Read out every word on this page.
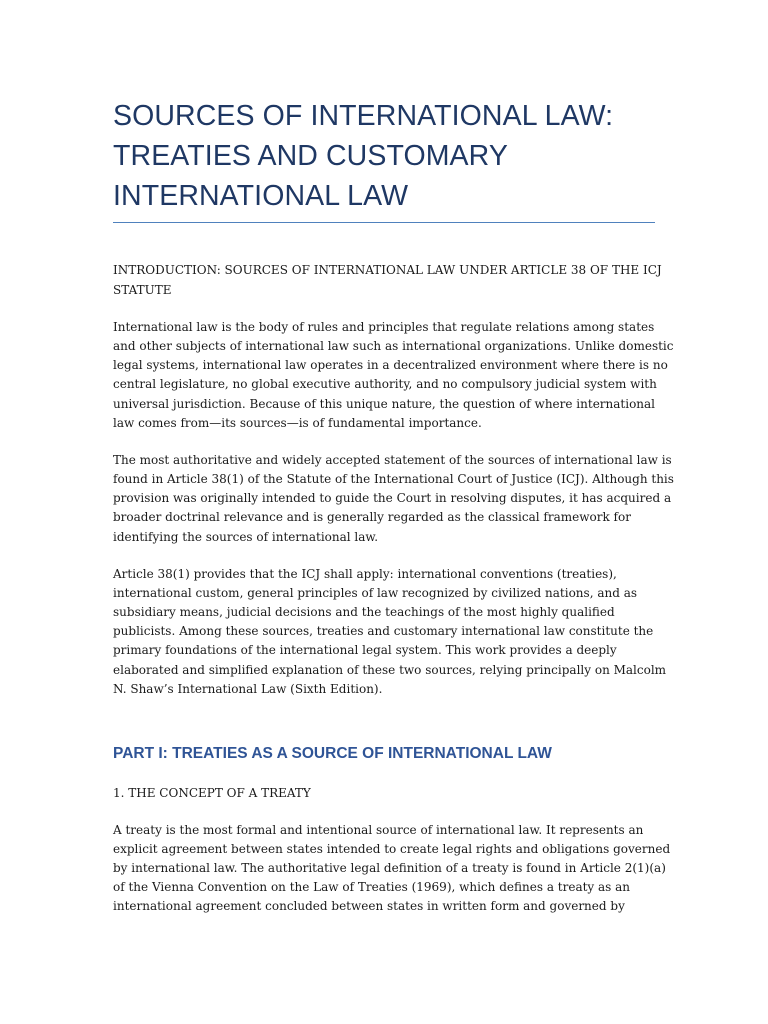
SOURCES OF INTERNATIONAL LAW:
TREATIES AND CUSTOMARY
INTERNATIONAL LAW

INTRODUCTION: SOURCES OF INTERNATIONAL LAW UNDER ARTICLE 38 OF THE ICJ
STATUTE

International law is the body of rules and principles that regulate relations among states
and other subjects of international law such as international organizations. Unlike domestic
legal systems, international law operates in a decentralized environment where there is no
central legislature, no global executive authority, and no compulsory judicial system with
universal jurisdiction. Because of this unique nature, the question of where international
law comes from—its sources—is of fundamental importance.

The most authoritative and widely accepted statement of the sources of international law is
found in Article 38(1) of the Statute of the International Court of Justice (ICJ). Although this
provision was originally intended to guide the Court in resolving disputes, it has acquired a
broader doctrinal relevance and is generally regarded as the classical framework for
identifying the sources of international law.

Article 38(1) provides that the ICJ shall apply: international conventions (treaties),
international custom, general principles of law recognized by civilized nations, and as
subsidiary means, judicial decisions and the teachings of the most highly qualified
publicists. Among these sources, treaties and customary international law constitute the
primary foundations of the international legal system. This work provides a deeply
elaborated and simplified explanation of these two sources, relying principally on Malcolm
N. Shaw’s International Law (Sixth Edition).

PART I: TREATIES AS A SOURCE OF INTERNATIONAL LAW

1. THE CONCEPT OF A TREATY

A treaty is the most formal and intentional source of international law. It represents an
explicit agreement between states intended to create legal rights and obligations governed
by international law. The authoritative legal definition of a treaty is found in Article 2(1)(a)
of the Vienna Convention on the Law of Treaties (1969), which defines a treaty as an
international agreement concluded between states in written form and governed by
